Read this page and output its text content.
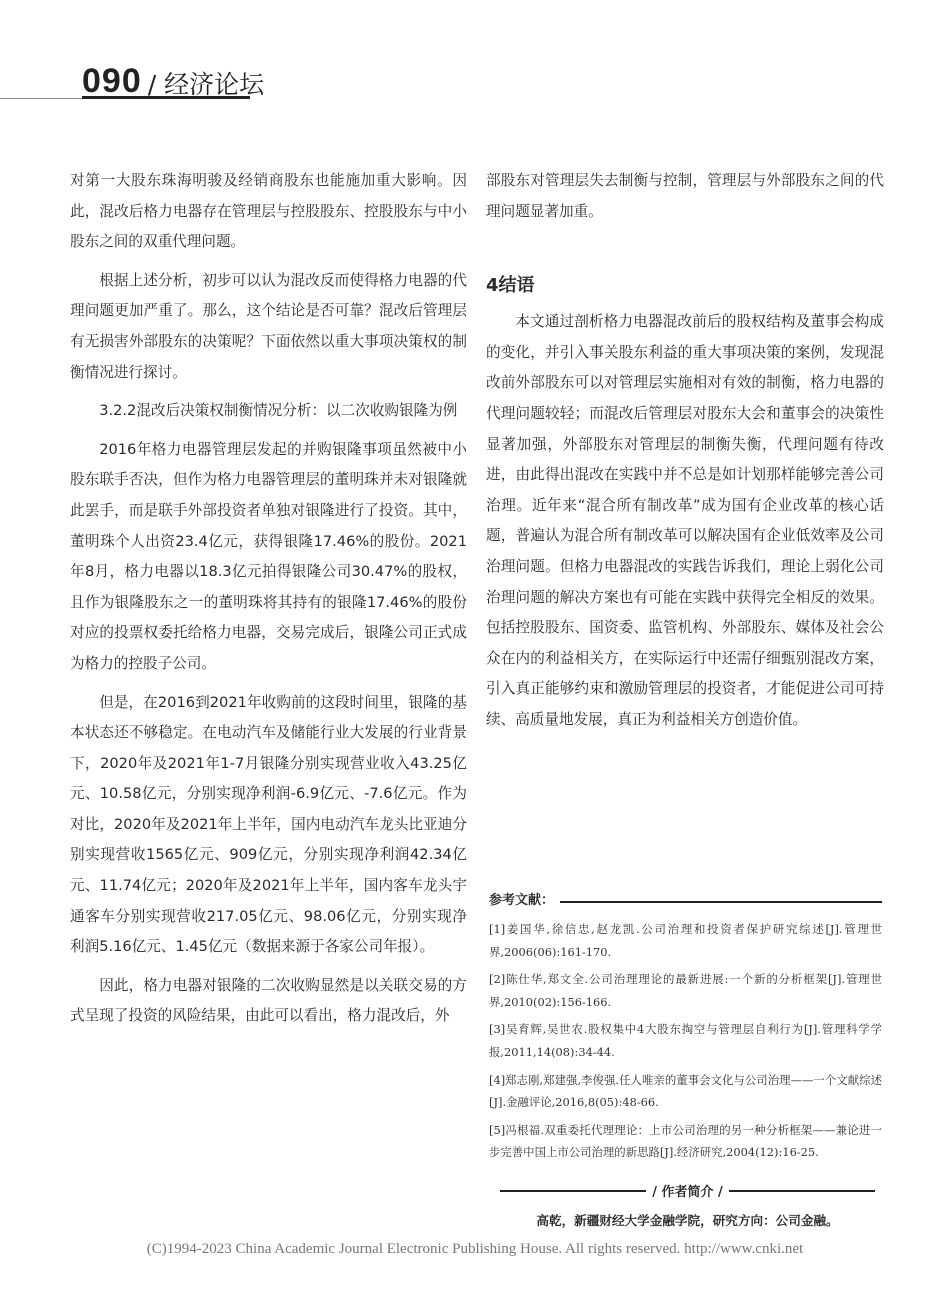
090 / 经济论坛

对第一大股东珠海明骏及经销商股东也能施加重大影响。因此，混改后格力电器存在管理层与控股股东、控股股东与中小股东之间的双重代理问题。

根据上述分析，初步可以认为混改反而使得格力电器的代理问题更加严重了。那么，这个结论是否可靠？混改后管理层有无损害外部股东的决策呢？下面依然以重大事项决策权的制衡情况进行探讨。

3.2.2混改后决策权制衡情况分析：以二次收购银隆为例

2016年格力电器管理层发起的并购银隆事项虽然被中小股东联手否决，但作为格力电器管理层的董明珠并未对银隆就此罢手，而是联手外部投资者单独对银隆进行了投资。其中，董明珠个人出资23.4亿元，获得银隆17.46%的股份。2021年8月，格力电器以18.3亿元拍得银隆公司30.47%的股权，且作为银隆股东之一的董明珠将其持有的银隆17.46%的股份对应的投票权委托给格力电器，交易完成后，银隆公司正式成为格力的控股子公司。

但是，在2016到2021年收购前的这段时间里，银隆的基本状态还不够稳定。在电动汽车及储能行业大发展的行业背景下，2020年及2021年1-7月银隆分别实现营业收入43.25亿元、10.58亿元，分别实现净利润-6.9亿元、-7.6亿元。作为对比，2020年及2021年上半年，国内电动汽车龙头比亚迪分别实现营收1565亿元、909亿元，分别实现净利润42.34亿元、11.74亿元；2020年及2021年上半年，国内客车龙头宇通客车分别实现营收217.05亿元、98.06亿元，分别实现净利润5.16亿元、1.45亿元（数据来源于各家公司年报）。

因此，格力电器对银隆的二次收购显然是以关联交易的方式呈现了投资的风险结果，由此可以看出，格力混改后，外

部股东对管理层失去制衡与控制，管理层与外部股东之间的代理问题显著加重。

4结语

本文通过剖析格力电器混改前后的股权结构及董事会构成的变化，并引入事关股东利益的重大事项决策的案例，发现混改前外部股东可以对管理层实施相对有效的制衡，格力电器的代理问题较轻；而混改后管理层对股东大会和董事会的决策性显著加强，外部股东对管理层的制衡失衡，代理问题有待改进，由此得出混改在实践中并不总是如计划那样能够完善公司治理。近年来“混合所有制改革”成为国有企业改革的核心话题，普遍认为混合所有制改革可以解决国有企业低效率及公司治理问题。但格力电器混改的实践告诉我们，理论上弱化公司治理问题的解决方案也有可能在实践中获得完全相反的效果。包括控股股东、国资委、监管机构、外部股东、媒体及社会公众在内的利益相关方，在实际运行中还需仔细甄别混改方案，引入真正能够约束和激励管理层的投资者，才能促进公司可持续、高质量地发展，真正为利益相关方创造价值。

参考文献：
[1]姜国华,徐信忠,赵龙凯.公司治理和投资者保护研究综述[J].管理世界,2006(06):161-170.
[2]陈仕华,郑文全.公司治理理论的最新进展:一个新的分析框架[J].管理世界,2010(02):156-166.
[3]吴育辉,吴世农.股权集中4大股东掏空与管理层自利行为[J].管理科学学报,2011,14(08):34-44.
[4]郑志刚,郑建强,李俊强.任人唯亲的董事会文化与公司治理——一个文献综述[J].金融评论,2016,8(05):48-66.
[5]冯根福.双重委托代理理论：上市公司治理的另一种分析框架——兼论进一步完善中国上市公司治理的新思路[J].经济研究,2004(12):16-25.
/ 作者简介 /
高乾，新疆财经大学金融学院，研究方向：公司金融。
(C)1994-2023 China Academic Journal Electronic Publishing House. All rights reserved. http://www.cnki.net
